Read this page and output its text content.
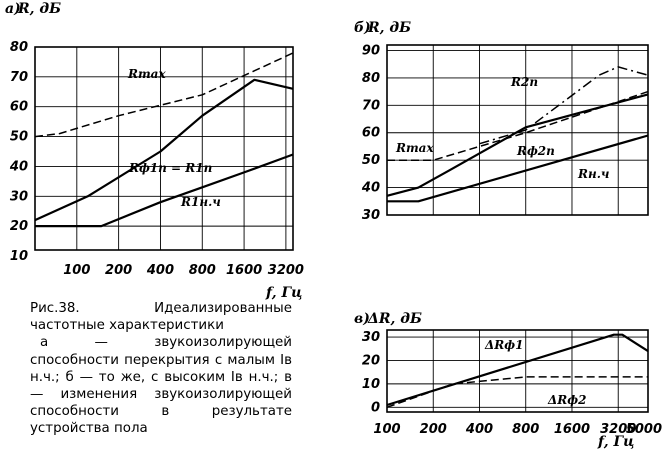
10
20
30
40
50
60
70
80
100 200 400 800 1600 3200
а)
R, дБ
f, Гц
Rmax
Rф1п = R1п
R1н.ч
30
40
50
60
70
80
90
б)
R, дБ
R2п
Rmax	Rф2п
Rн.ч
0
10
20
30
100 200 400 800 1600 3200
5000
в)
ΔR, дБ
f, Гц
ΔRф1
ΔRф2

Рис.38.	Идеализированные

частотные характеристики

а — звукоизолирующей способности перекрытия с малым Iв н.ч.; б — то же, с высоким Iв н.ч.; в — изменения звукоизолирующей способности в результате устройства пола
